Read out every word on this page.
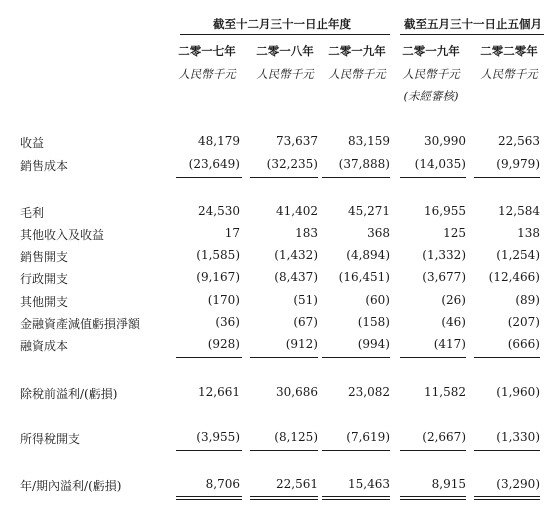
截至十二月三十一日止年度	截至五月三十一日止五個月
二零一七年	二零一八年	二零一九年	二零一九年	二零二零年
人民幣千元	人民幣千元	人民幣千元	人民幣千元	人民幣千元
(未經審核)
收益	48,179	73,637	83,159	30,990	22,563
銷售成本	(23,649)	(32,235)	(37,888)	(14,035)	(9,979)
毛利	24,530	41,402	45,271	16,955	12,584
其他收入及收益	17	183	368	125	138
銷售開支	(1,585)	(1,432)	(4,894)	(1,332)	(1,254)
行政開支	(9,167)	(8,437)	(16,451)	(3,677)	(12,466)
其他開支	(170)	(51)	(60)	(26)	(89)
金融資產減值虧損淨額	(36)	(67)	(158)	(46)	(207)
融資成本	(928)	(912)	(994)	(417)	(666)
除稅前溢利/(虧損)	12,661	30,686	23,082	11,582	(1,960)
所得稅開支	(3,955)	(8,125)	(7,619)	(2,667)	(1,330)
年/期內溢利/(虧損)	8,706	22,561	15,463	8,915	(3,290)
